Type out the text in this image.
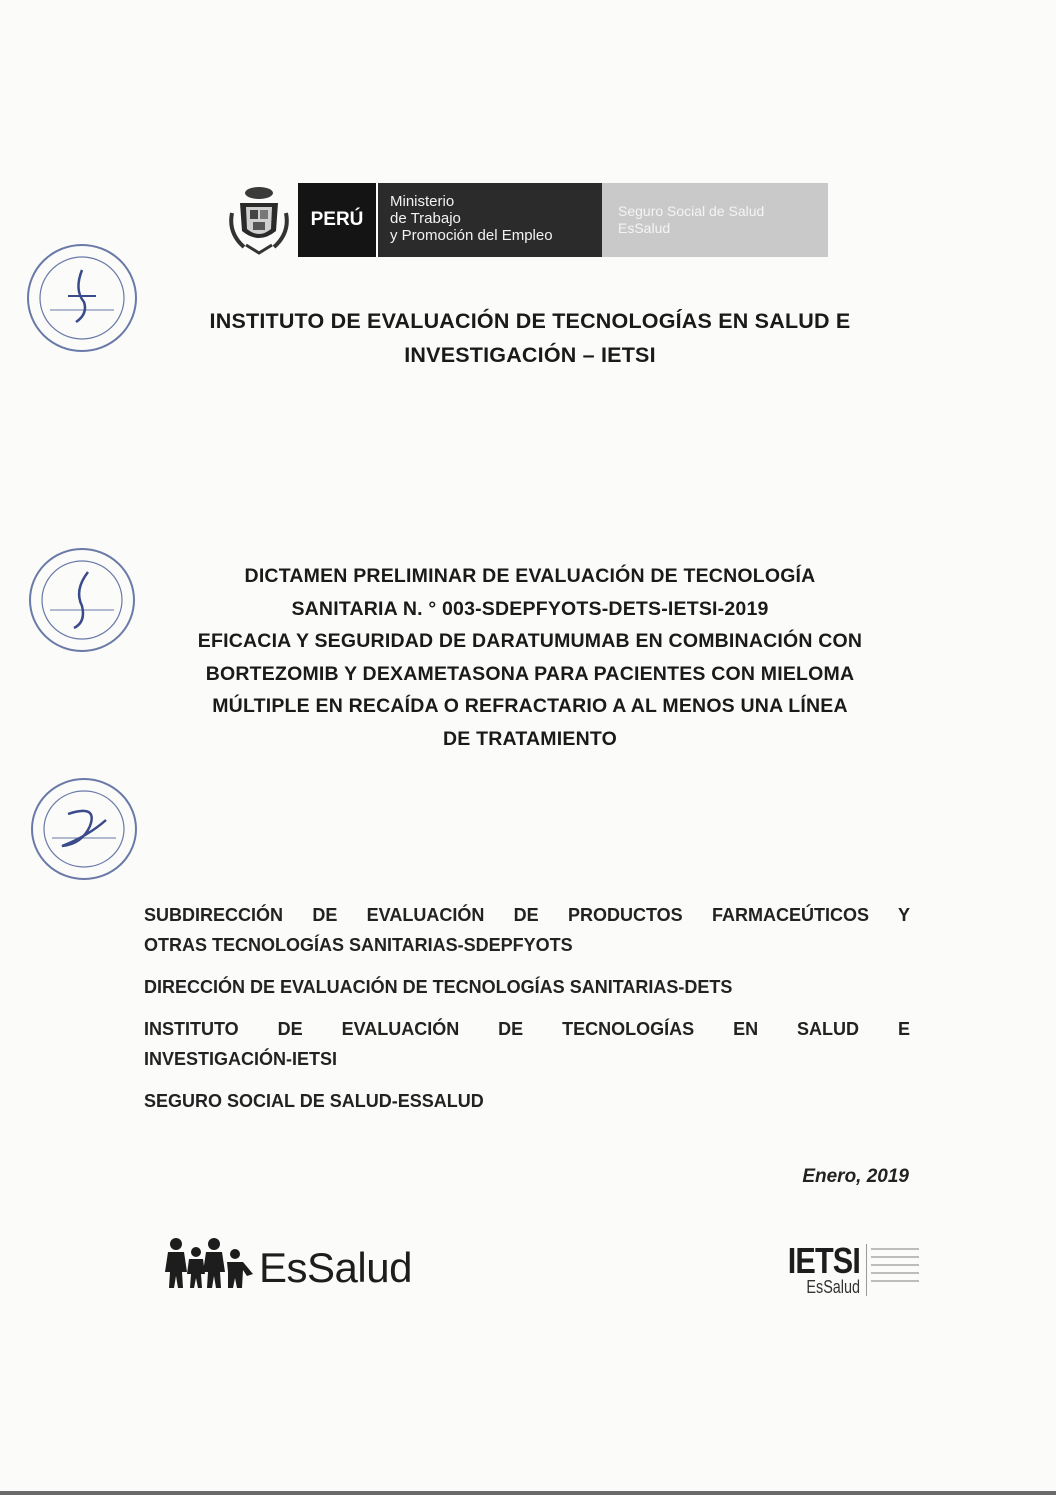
PERÚ
Ministerio
de Trabajo
y Promoción del Empleo
Seguro Social de Salud
EsSalud
INSTITUTO DE EVALUACIÓN DE TECNOLOGÍAS EN SALUD E
INVESTIGACIÓN – IETSI
DICTAMEN PRELIMINAR DE EVALUACIÓN DE TECNOLOGÍA
SANITARIA N. ° 003-SDEPFYOTS-DETS-IETSI-2019
EFICACIA Y SEGURIDAD DE DARATUMUMAB EN COMBINACIÓN CON
BORTEZOMIB Y DEXAMETASONA PARA PACIENTES CON MIELOMA
MÚLTIPLE EN RECAÍDA O REFRACTARIO A AL MENOS UNA LÍNEA
DE TRATAMIENTO
SUBDIRECCIÓN DE EVALUACIÓN DE PRODUCTOS FARMACEÚTICOS Y
OTRAS TECNOLOGÍAS SANITARIAS-SDEPFYOTS
DIRECCIÓN DE EVALUACIÓN DE TECNOLOGÍAS SANITARIAS-DETS
INSTITUTO DE EVALUACIÓN DE TECNOLOGÍAS EN SALUD E
INVESTIGACIÓN-IETSI
SEGURO SOCIAL DE SALUD-ESSALUD
Enero, 2019
EsSalud	IETSI
EsSalud
